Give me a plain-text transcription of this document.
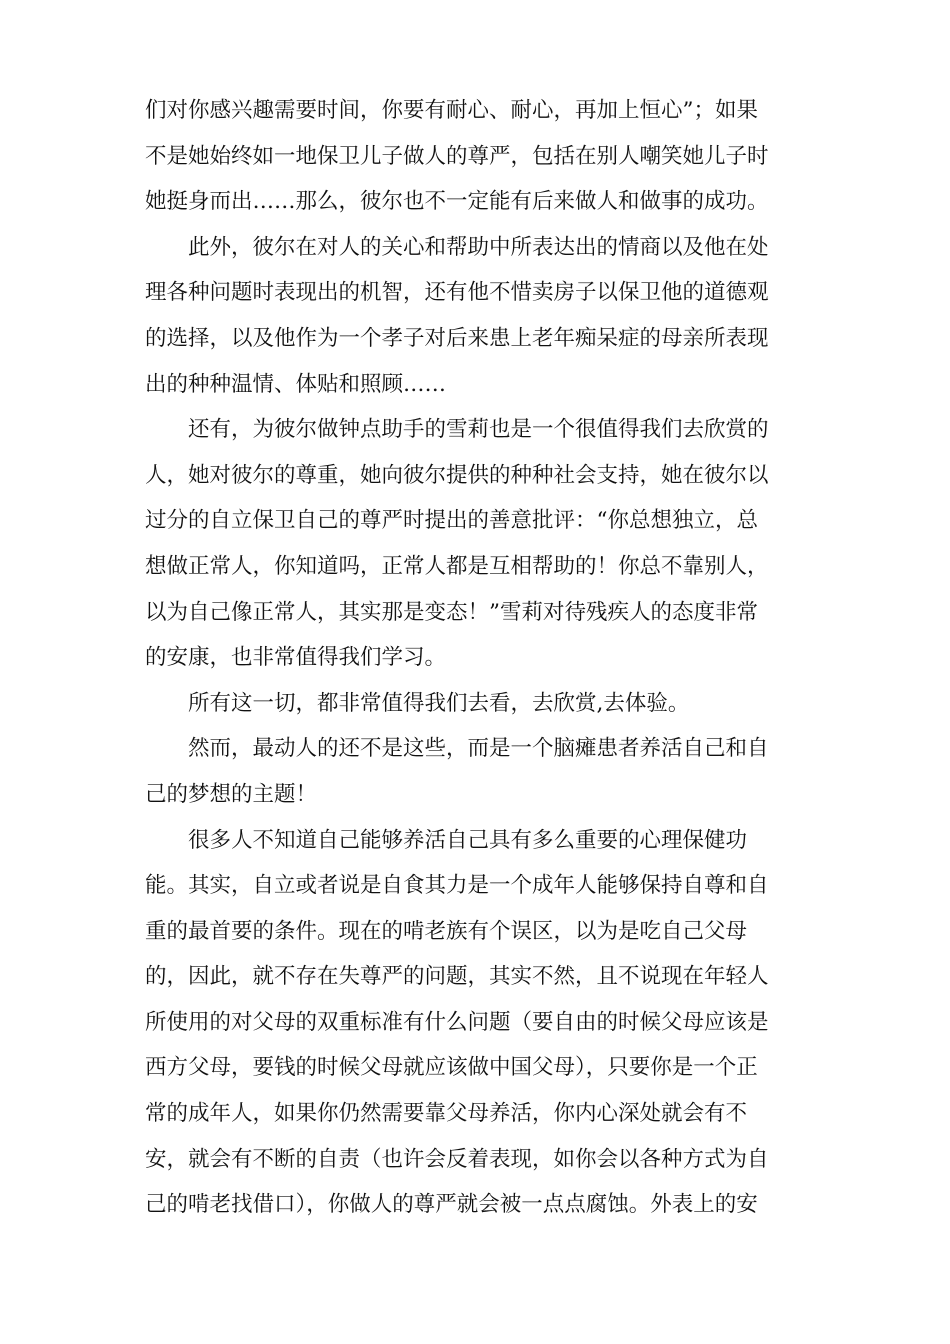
们对你感兴趣需要时间，你要有耐心、耐心，再加上恒心”；如果
不是她始终如一地保卫儿子做人的尊严，包括在别人嘲笑她儿子时
她挺身而出……那么，彼尔也不一定能有后来做人和做事的成功。
此外，彼尔在对人的关心和帮助中所表达出的情商以及他在处
理各种问题时表现出的机智，还有他不惜卖房子以保卫他的道德观
的选择，以及他作为一个孝子对后来患上老年痴呆症的母亲所表现
出的种种温情、体贴和照顾……
还有，为彼尔做钟点助手的雪莉也是一个很值得我们去欣赏的
人，她对彼尔的尊重，她向彼尔提供的种种社会支持，她在彼尔以
过分的自立保卫自己的尊严时提出的善意批评：“你总想独立，总
想做正常人，你知道吗，正常人都是互相帮助的！你总不靠别人，
以为自己像正常人，其实那是变态！”雪莉对待残疾人的态度非常
的安康，也非常值得我们学习。
所有这一切，都非常值得我们去看，去欣赏,去体验。
然而，最动人的还不是这些，而是一个脑瘫患者养活自己和自
己的梦想的主题！
很多人不知道自己能够养活自己具有多么重要的心理保健功
能。其实，自立或者说是自食其力是一个成年人能够保持自尊和自
重的最首要的条件。现在的啃老族有个误区，以为是吃自己父母
的，因此，就不存在失尊严的问题，其实不然，且不说现在年轻人
所使用的对父母的双重标准有什么问题（要自由的时候父母应该是
西方父母，要钱的时候父母就应该做中国父母），只要你是一个正
常的成年人，如果你仍然需要靠父母养活，你内心深处就会有不
安，就会有不断的自责（也许会反着表现，如你会以各种方式为自
己的啃老找借口），你做人的尊严就会被一点点腐蚀。外表上的安
